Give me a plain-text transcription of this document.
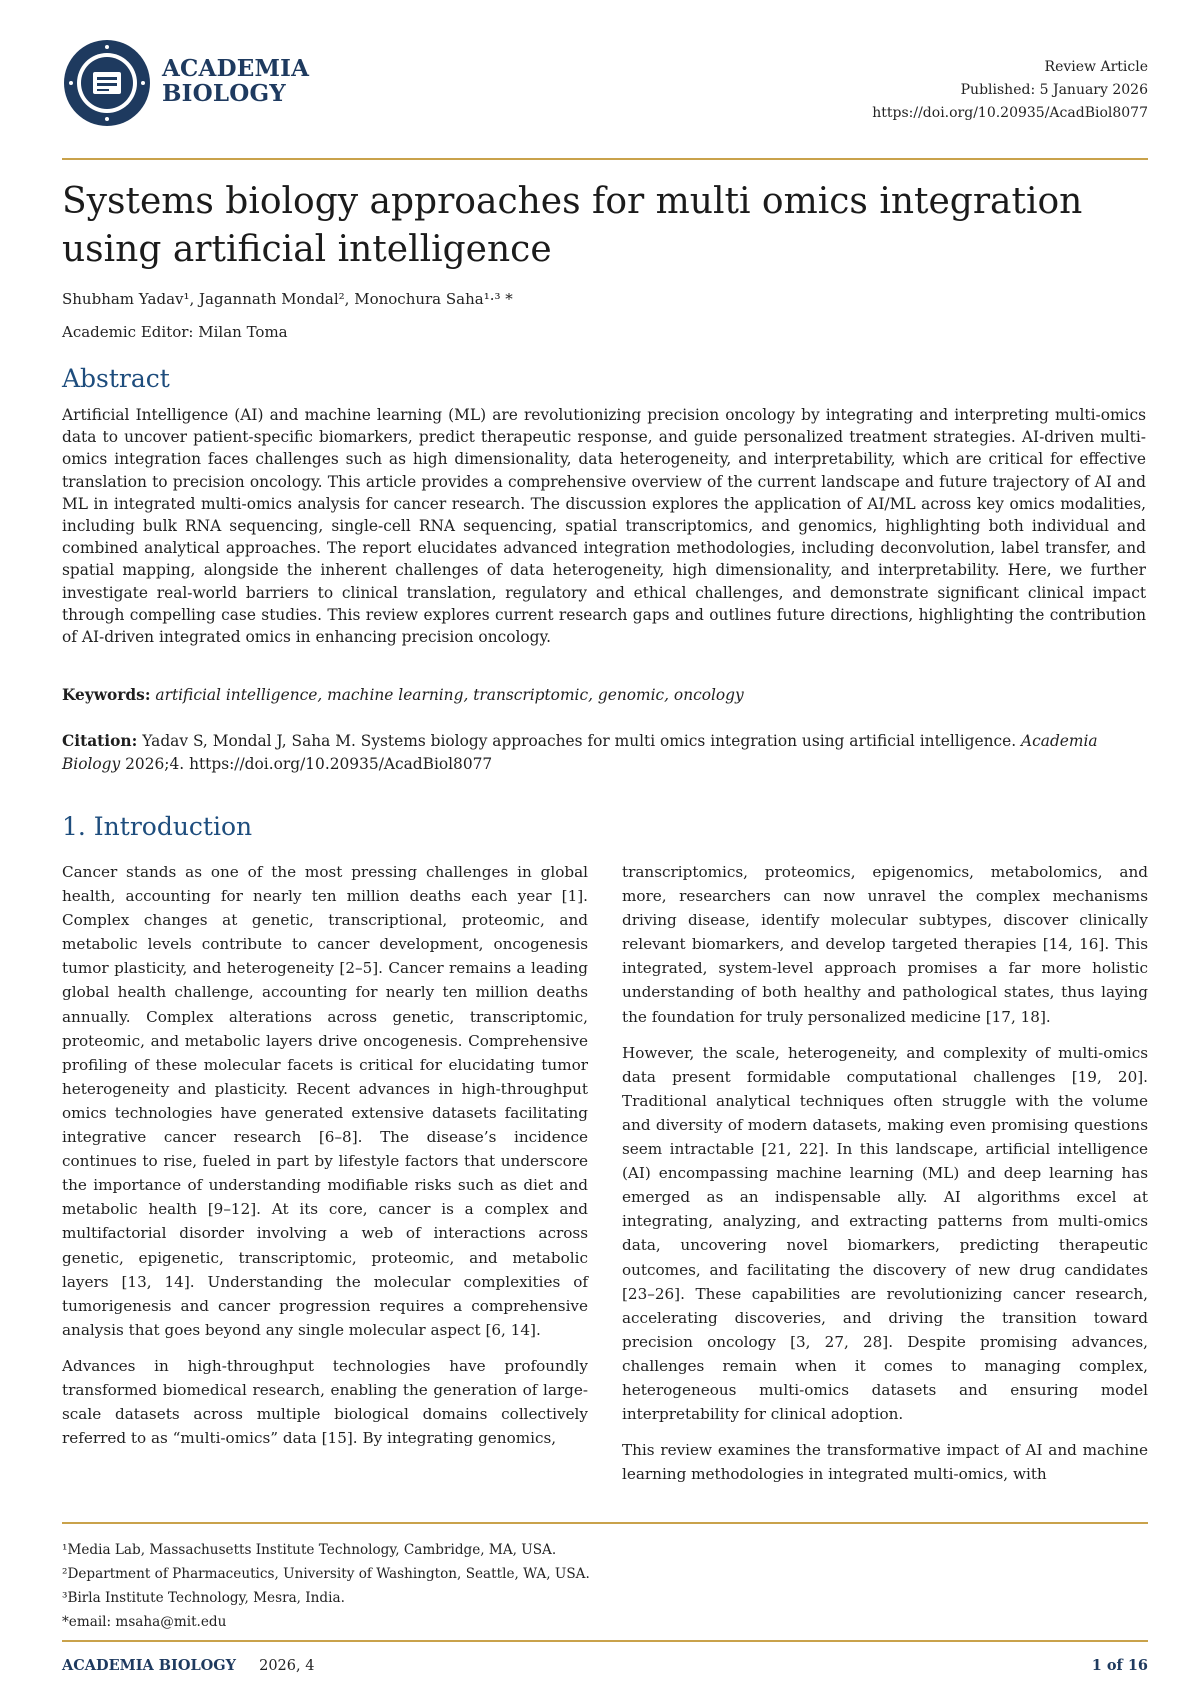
ACADEMIA
BIOLOGY
Review Article
Published: 5 January 2026
https://doi.org/10.20935/AcadBiol8077
Systems biology approaches for multi omics integration using artificial intelligence
Shubham Yadav¹, Jagannath Mondal², Monochura Saha¹·³ *
Academic Editor: Milan Toma
Abstract

Artificial Intelligence (AI) and machine learning (ML) are revolutionizing precision oncology by integrating and interpreting multi-omics data to uncover patient-specific biomarkers, predict therapeutic response, and guide personalized treatment strategies. AI-driven multi-omics integration faces challenges such as high dimensionality, data heterogeneity, and interpretability, which are critical for effective translation to precision oncology. This article provides a comprehensive overview of the current landscape and future trajectory of AI and ML in integrated multi-omics analysis for cancer research. The discussion explores the application of AI/ML across key omics modalities, including bulk RNA sequencing, single-cell RNA sequencing, spatial transcriptomics, and genomics, highlighting both individual and combined analytical approaches. The report elucidates advanced integration methodologies, including deconvolution, label transfer, and spatial mapping, alongside the inherent challenges of data heterogeneity, high dimensionality, and interpretability. Here, we further investigate real-world barriers to clinical translation, regulatory and ethical challenges, and demonstrate significant clinical impact through compelling case studies. This review explores current research gaps and outlines future directions, highlighting the contribution of AI-driven integrated omics in enhancing precision oncology.

Keywords: artificial intelligence, machine learning, transcriptomic, genomic, oncology
Citation: Yadav S, Mondal J, Saha M. Systems biology approaches for multi omics integration using artificial intelligence. Academia Biology 2026;4. https://doi.org/10.20935/AcadBiol8077
1. Introduction

Cancer stands as one of the most pressing challenges in global health, accounting for nearly ten million deaths each year [1]. Complex changes at genetic, transcriptional, proteomic, and metabolic levels contribute to cancer development, oncogenesis tumor plasticity, and heterogeneity [2–5]. Cancer remains a leading global health challenge, accounting for nearly ten million deaths annually. Complex alterations across genetic, transcriptomic, proteomic, and metabolic layers drive oncogenesis. Comprehensive profiling of these molecular facets is critical for elucidating tumor heterogeneity and plasticity. Recent advances in high-throughput omics technologies have generated extensive datasets facilitating integrative cancer research [6–8]. The disease’s incidence continues to rise, fueled in part by lifestyle factors that underscore the importance of understanding modifiable risks such as diet and metabolic health [9–12]. At its core, cancer is a complex and multifactorial disorder involving a web of interactions across genetic, epigenetic, transcriptomic, proteomic, and metabolic layers [13, 14]. Understanding the molecular complexities of tumorigenesis and cancer progression requires a comprehensive analysis that goes beyond any single molecular aspect [6, 14].

Advances in high-throughput technologies have profoundly transformed biomedical research, enabling the generation of large-scale datasets across multiple biological domains collectively referred to as “multi-omics” data [15]. By integrating genomics,

transcriptomics, proteomics, epigenomics, metabolomics, and more, researchers can now unravel the complex mechanisms driving disease, identify molecular subtypes, discover clinically relevant biomarkers, and develop targeted therapies [14, 16]. This integrated, system-level approach promises a far more holistic understanding of both healthy and pathological states, thus laying the foundation for truly personalized medicine [17, 18].

However, the scale, heterogeneity, and complexity of multi-omics data present formidable computational challenges [19, 20]. Traditional analytical techniques often struggle with the volume and diversity of modern datasets, making even promising questions seem intractable [21, 22]. In this landscape, artificial intelligence (AI) encompassing machine learning (ML) and deep learning has emerged as an indispensable ally. AI algorithms excel at integrating, analyzing, and extracting patterns from multi-omics data, uncovering novel biomarkers, predicting therapeutic outcomes, and facilitating the discovery of new drug candidates [23–26]. These capabilities are revolutionizing cancer research, accelerating discoveries, and driving the transition toward precision oncology [3, 27, 28]. Despite promising advances, challenges remain when it comes to managing complex, heterogeneous multi-omics datasets and ensuring model interpretability for clinical adoption.

This review examines the transformative impact of AI and machine learning methodologies in integrated multi-omics, with

¹Media Lab, Massachusetts Institute Technology, Cambridge, MA, USA.
²Department of Pharmaceutics, University of Washington, Seattle, WA, USA.
³Birla Institute Technology, Mesra, India.
*email: msaha@mit.edu
ACADEMIA BIOLOGY 2026, 4	1 of 16
